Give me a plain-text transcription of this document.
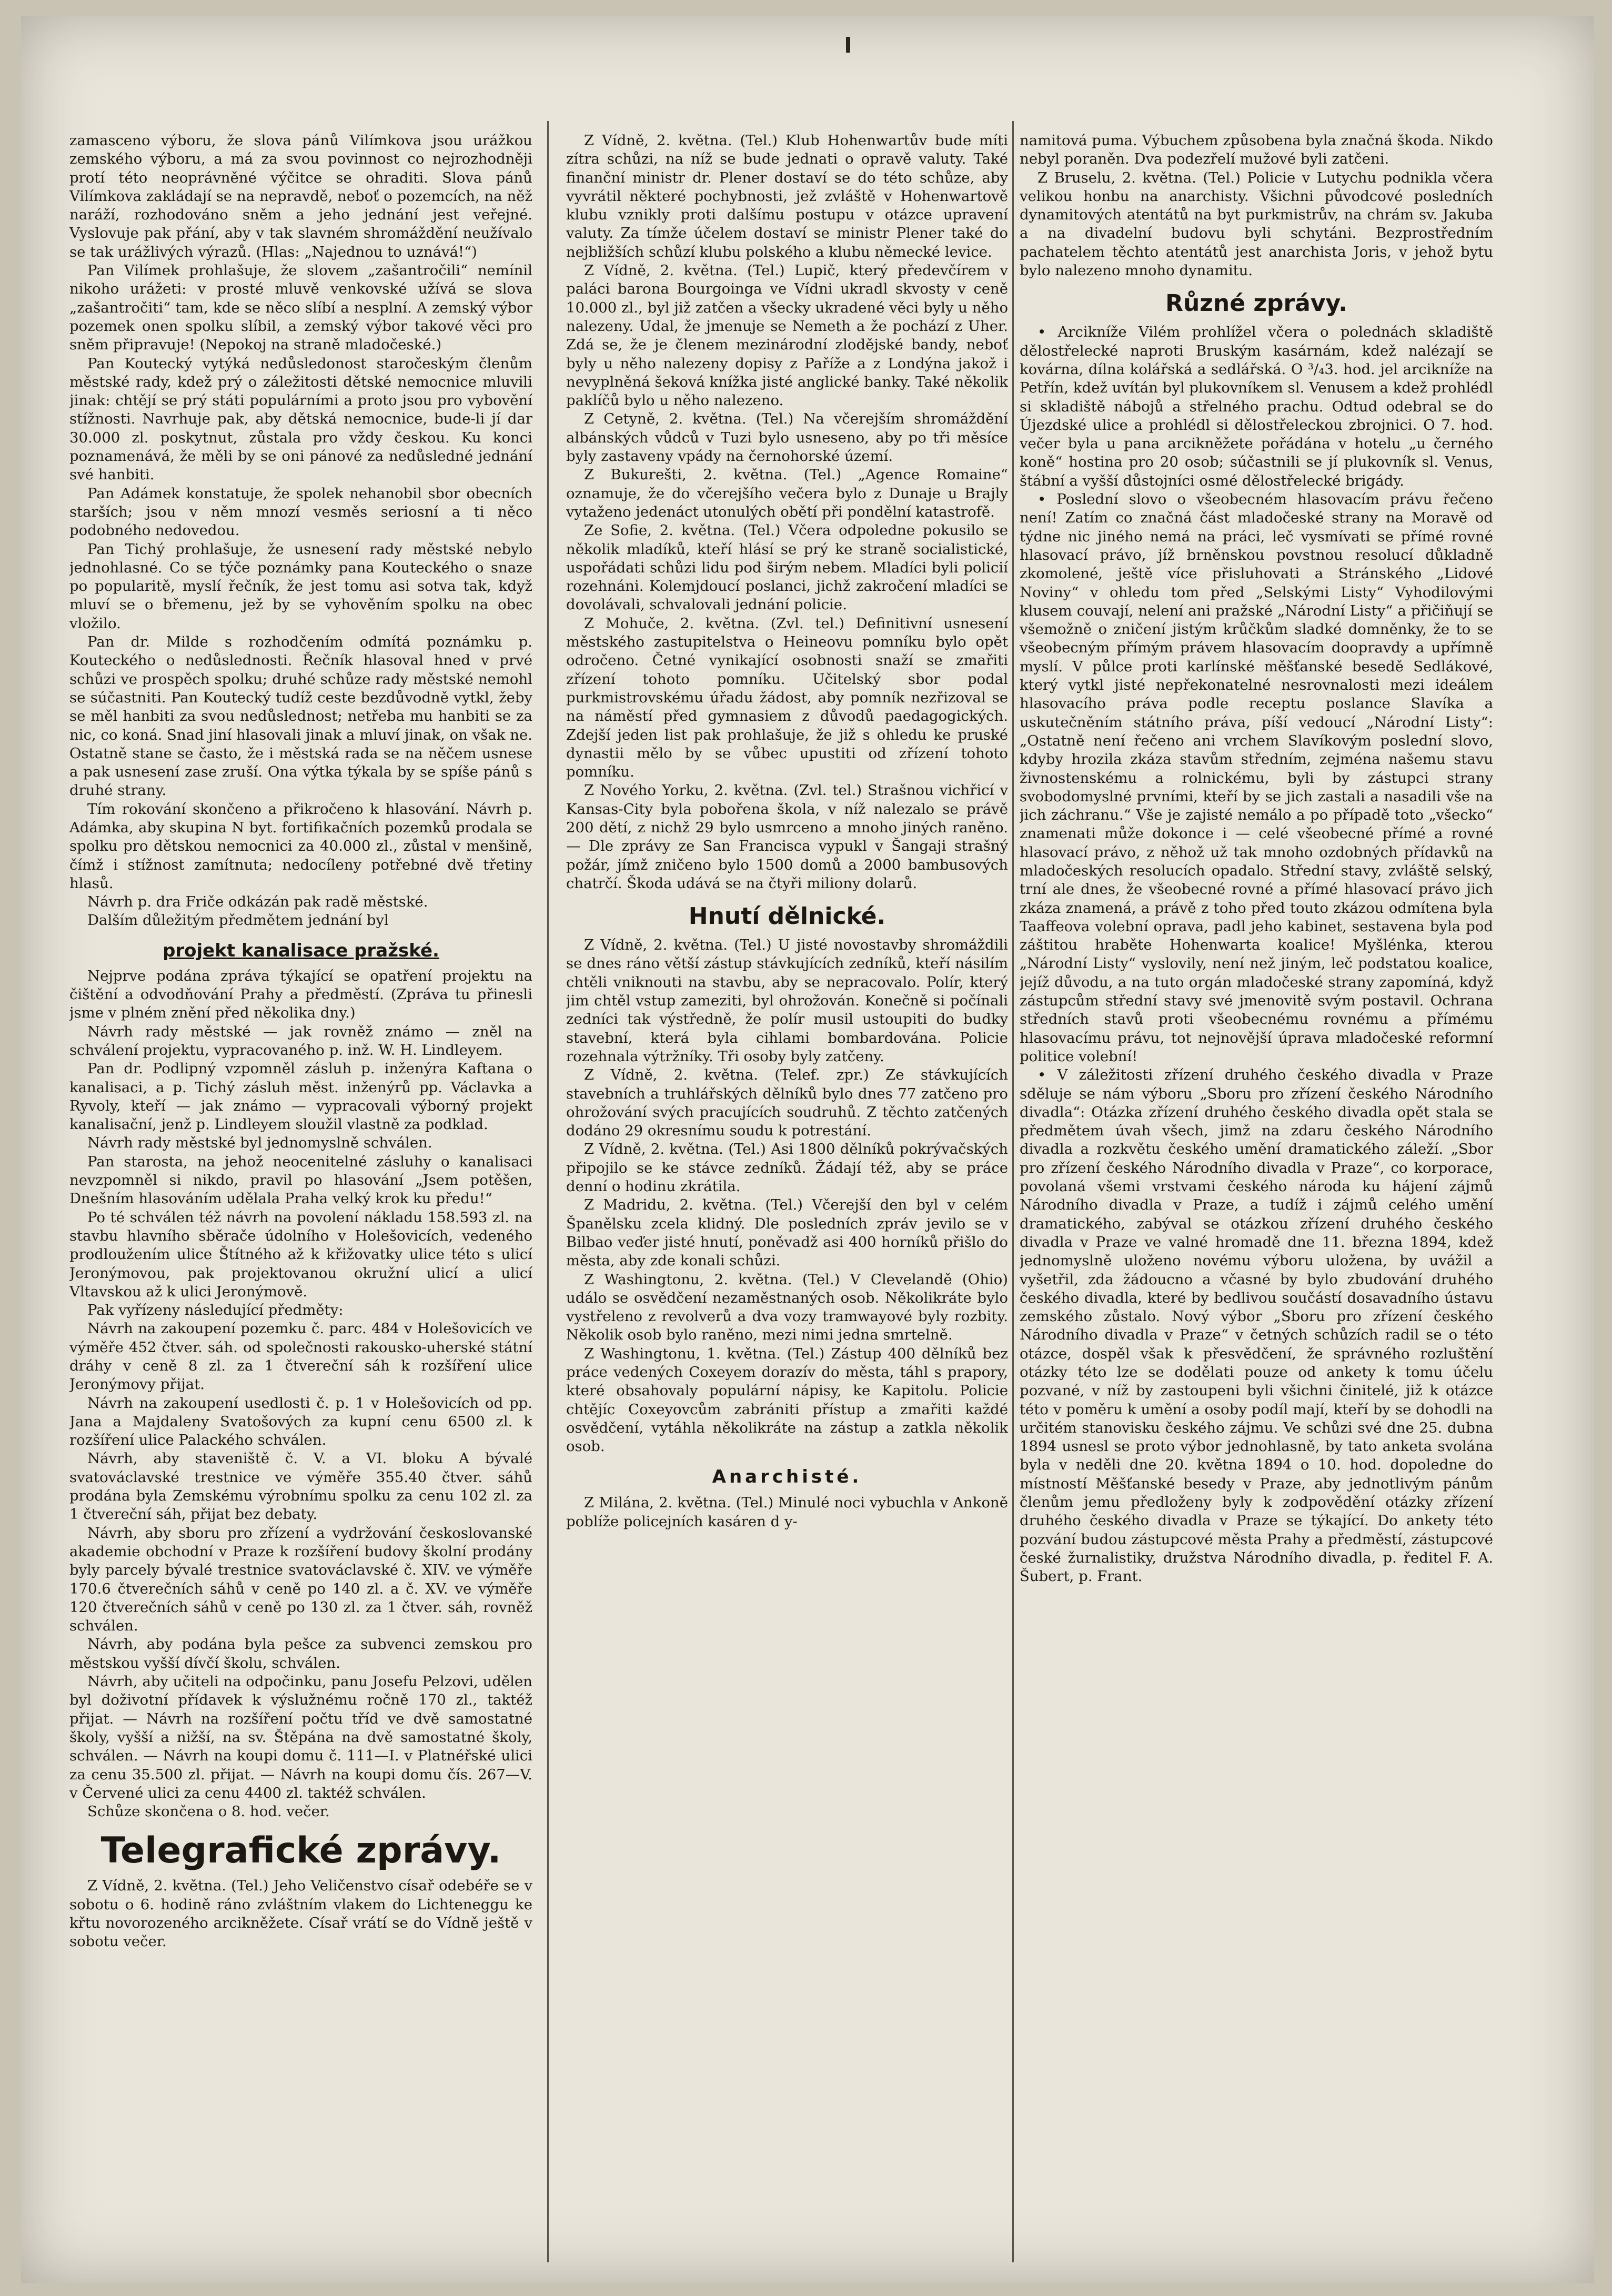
zamasceno výboru, že slova pánů Vilímkova jsou urážkou zemského výboru, a má za svou povinnost co nejrozhodněji protí této neoprávněné výčitce se ohraditi. Slova pánů Vilímkova zakládají se na nepravdě, neboť o pozemcích, na něž naráží, rozhodováno sněm a jeho jednání jest veřejné. Vyslovuje pak přání, aby v tak slavném shromáždění neužívalo se tak urážlivých výrazů. (Hlas: „Najednou to uznává!“)

Pan Vilímek prohlašuje, že slovem „zašantročili“ nemínil nikoho urážeti: v prosté mluvě venkovské užívá se slova „zašantročiti“ tam, kde se něco slíbí a nesplní. A zemský výbor pozemek onen spolku slíbil, a zemský výbor takové věci pro sněm připravuje! (Nepokoj na straně mladočeské.)

Pan Koutecký vytýká nedůsledonost staročeským členům městské rady, kdež prý o záležitosti dětské nemocnice mluvili jinak: chtějí se prý státi populárními a proto jsou pro vybovění stížnosti. Navrhuje pak, aby dětská nemocnice, bude-li jí dar 30.000 zl. poskytnut, zůstala pro vždy českou. Ku konci poznamenává, že měli by se oni pánové za nedůsledné jednání své hanbiti.

Pan Adámek konstatuje, že spolek nehanobil sbor obecních starších; jsou v něm mnozí vesměs seriosní a ti něco podobného nedovedou.

Pan Tichý prohlašuje, že usnesení rady městské nebylo jednohlasné. Co se týče poznámky pana Kouteckého o snaze po popularitě, myslí řečník, že jest tomu asi sotva tak, když mluví se o břemenu, jež by se vyhověním spolku na obec vložilo.

Pan dr. Milde s rozhodčením odmítá poznámku p. Kouteckého o nedůslednosti. Řečník hlasoval hned v prvé schůzi ve prospěch spolku; druhé schůze rady městské nemohl se súčastniti. Pan Koutecký tudíž ceste bezdůvodně vytkl, žeby se měl hanbiti za svou nedůslednost; netřeba mu hanbiti se za nic, co koná. Snad jiní hlasovali jinak a mluví jinak, on však ne. Ostatně stane se často, že i městská rada se na něčem usnese a pak usnesení zase zruší. Ona výtka týkala by se spíše pánů s druhé strany.

Tím rokování skončeno a přikročeno k hlasování. Návrh p. Adámka, aby skupina N byt. fortifikačních pozemků prodala se spolku pro dětskou nemocnici za 40.000 zl., zůstal v menšině, čímž i stížnost zamítnuta; nedocíleny potřebné dvě třetiny hlasů.

Návrh p. dra Friče odkázán pak radě městské.

Dalším důležitým předmětem jednání byl

projekt kanalisace pražské.

Nejprve podána zpráva týkající se opatření projektu na čištění a odvodňování Prahy a předměstí. (Zpráva tu přinesli jsme v plném znění před několika dny.)

Návrh rady městské — jak rovněž známo — zněl na schválení projektu, vypracovaného p. inž. W. H. Lindleyem.

Pan dr. Podlipný vzpomněl zásluh p. inženýra Kaftana o kanalisaci, a p. Tichý zásluh měst. inženýrů pp. Václavka a Ryvoly, kteří — jak známo — vypracovali výborný projekt kanalisační, jenž p. Lindleyem sloužil vlastně za podklad.

Návrh rady městské byl jednomyslně schválen.

Pan starosta, na jehož neocenitelné zásluhy o kanalisaci nevzpomněl si nikdo, pravil po hlasování „Jsem potěšen, Dnešním hlasováním udělala Praha velký krok ku předu!“

Po té schválen též návrh na povolení nákladu 158.593 zl. na stavbu hlavního sběrače údolního v Holešovicích, vedeného prodloužením ulice Štítného až k křižovatky ulice této s ulicí Jeronýmovou, pak projektovanou okružní ulicí a ulicí Vltavskou až k ulici Jeronýmově.

Pak vyřízeny následující předměty:

Návrh na zakoupení pozemku č. parc. 484 v Holešovicích ve výměře 452 čtver. sáh. od společnosti rakousko-uherské státní dráhy v ceně 8 zl. za 1 čtvereční sáh k rozšíření ulice Jeronýmovy přijat.

Návrh na zakoupení usedlosti č. p. 1 v Holešovicích od pp. Jana a Majdaleny Svatošových za kupní cenu 6500 zl. k rozšíření ulice Palackého schválen.

Návrh, aby staveniště č. V. a VI. bloku A bývalé svatováclavské trestnice ve výměře 355.40 čtver. sáhů prodána byla Zemskému výrobnímu spolku za cenu 102 zl. za 1 čtvereční sáh, přijat bez debaty.

Návrh, aby sboru pro zřízení a vydržování českoslovanské akademie obchodní v Praze k rozšíření budovy školní prodány byly parcely bývalé trestnice svatováclavské č. XIV. ve výměře 170.6 čtverečních sáhů v ceně po 140 zl. a č. XV. ve výměře 120 čtverečních sáhů v ceně po 130 zl. za 1 čtver. sáh, rovněž schválen.

Návrh, aby podána byla pešce za subvenci zemskou pro městskou vyšší dívčí školu, schválen.

Návrh, aby učiteli na odpočinku, panu Josefu Pelzovi, udělen byl doživotní přídavek k výslužnému ročně 170 zl., taktéž přijat. — Návrh na rozšíření počtu tříd ve dvě samostatné školy, vyšší a nižší, na sv. Štěpána na dvě samostatné školy, schválen. — Návrh na koupi domu č. 111—I. v Platnéřské ulici za cenu 35.500 zl. přijat. — Návrh na koupi domu čís. 267—V. v Červené ulici za cenu 4400 zl. taktéž schválen.

Schůze skončena o 8. hod. večer.

Telegrafické zprávy.

Z Vídně, 2. května. (Tel.) Jeho Veličenstvo císař odebéře se v sobotu o 6. hodině ráno zvláštním vlakem do Lichteneggu ke křtu novorozeného arcikněžete. Císař vrátí se do Vídně ještě v sobotu večer.

Z Vídně, 2. května. (Tel.) Klub Hohenwartův bude míti zítra schůzi, na níž se bude jednati o opravě valuty. Také finanční ministr dr. Plener dostaví se do této schůze, aby vyvrátil některé pochybnosti, jež zvláště v Hohenwartově klubu vznikly proti dalšímu postupu v otázce upravení valuty. Za tímže účelem dostaví se ministr Plener také do nejbližších schůzí klubu polského a klubu německé levice.

Z Vídně, 2. května. (Tel.) Lupič, který předevčírem v paláci barona Bourgoinga ve Vídni ukradl skvosty v ceně 10.000 zl., byl již zatčen a všecky ukradené věci byly u něho nalezeny. Udal, že jmenuje se Nemeth a že pochází z Uher. Zdá se, že je členem mezinárodní zlodějské bandy, neboť byly u něho nalezeny dopisy z Paříže a z Londýna jakož i nevyplněná šeková knížka jisté anglické banky. Také několik paklíčů bylo u něho nalezeno.

Z Cetyně, 2. května. (Tel.) Na včerejším shromáždění albánských vůdců v Tuzi bylo usneseno, aby po tři měsíce byly zastaveny vpády na černohorské území.

Z Bukurešti, 2. května. (Tel.) „Agence Romaine“ oznamuje, že do včerejšího večera bylo z Dunaje u Brajly vytaženo jedenáct utonulých obětí při pondělní katastrofě.

Ze Sofie, 2. května. (Tel.) Včera odpoledne pokusilo se několik mladíků, kteří hlásí se prý ke straně socialistické, uspořádati schůzi lidu pod širým nebem. Mladíci byli policií rozehnáni. Kolemjdoucí poslanci, jichž zakročení mladíci se dovolávali, schvalovali jednání policie.

Z Mohuče, 2. května. (Zvl. tel.) Definitivní usnesení městského zastupitelstva o Heineovu pomníku bylo opět odročeno. Četné vynikající osobnosti snaží se zmařiti zřízení tohoto pomníku. Učitelský sbor podal purkmistrovskému úřadu žádost, aby pomník nezřizoval se na náměstí před gymnasiem z důvodů paedagogických. Zdejší jeden list pak prohlašuje, že již s ohledu ke pruské dynastii mělo by se vůbec upustiti od zřízení tohoto pomníku.

Z Nového Yorku, 2. května. (Zvl. tel.) Strašnou vichřicí v Kansas-City byla pobořena škola, v níž nalezalo se právě 200 dětí, z nichž 29 bylo usmrceno a mnoho jiných raněno. — Dle zprávy ze San Francisca vypukl v Šangaji strašný požár, jímž zničeno bylo 1500 domů a 2000 bambusových chatrčí. Škoda udává se na čtyři miliony dolarů.

Hnutí dělnické.

Z Vídně, 2. května. (Tel.) U jisté novostavby shromáždili se dnes ráno větší zástup stávkujících zedníků, kteří násilím chtěli vniknouti na stavbu, aby se nepracovalo. Polír, který jim chtěl vstup zameziti, byl ohrožován. Konečně si počínali zedníci tak výstředně, že polír musil ustoupiti do budky stavební, která byla cihlami bombardována. Policie rozehnala výtržníky. Tři osoby byly zatčeny.

Z Vídně, 2. května. (Telef. zpr.) Ze stávkujících stavebních a truhlářských dělníků bylo dnes 77 zatčeno pro ohrožování svých pracujících soudruhů. Z těchto zatčených dodáno 29 okresnímu soudu k potrestání.

Z Vídně, 2. května. (Tel.) Asi 1800 dělníků pokrývačských připojilo se ke stávce zedníků. Žádají též, aby se práce denní o hodinu zkrátila.

Z Madridu, 2. května. (Tel.) Včerejší den byl v celém Španělsku zcela klidný. Dle posledních zpráv jevilo se v Bilbao veďer jisté hnutí, poněvadž asi 400 horníků přišlo do města, aby zde konali schůzi.

Z Washingtonu, 2. května. (Tel.) V Clevelandě (Ohio) událo se osvědčení nezaměstnaných osob. Několikráte bylo vystřeleno z revolverů a dva vozy tramwayové byly rozbity. Několik osob bylo raněno, mezi nimi jedna smrtelně.

Z Washingtonu, 1. května. (Tel.) Zástup 400 dělníků bez práce vedených Coxeyem dorazív do města, táhl s prapory, které obsahovaly populární nápisy, ke Kapitolu. Policie chtějíc Coxeyovcům zabrániti přístup a zmařiti každé osvědčení, vytáhla několikráte na zástup a zatkla několik osob.

Anarchisté.

Z Milána, 2. května. (Tel.) Minulé noci vybuchla v Ankoně poblíže policejních kasáren d y-

namitová puma. Výbuchem způsobena byla značná škoda. Nikdo nebyl poraněn. Dva podezřelí mužové byli zatčeni.

Z Bruselu, 2. května. (Tel.) Policie v Lutychu podnikla včera velikou honbu na anarchisty. Všichni původcové posledních dynamitových atentátů na byt purkmistrův, na chrám sv. Jakuba a na divadelní budovu byli schytáni. Bezprostředním pachatelem těchto atentátů jest anarchista Joris, v jehož bytu bylo nalezeno mnoho dynamitu.

Různé zprávy.

• Arcikníže Vilém prohlížel včera o polednách skladiště dělostřelecké naproti Bruským kasárnám, kdež nalézají se kovárna, dílna kolářská a sedlářská. O ³/₄3. hod. jel arcikníže na Petřín, kdež uvítán byl plukovníkem sl. Venusem a kdež prohlédl si skladiště nábojů a střelného prachu. Odtud odebral se do Újezdské ulice a prohlédl si dělostřeleckou zbrojnici. O 7. hod. večer byla u pana arcikněžete pořádána v hotelu „u černého koně“ hostina pro 20 osob; súčastnili se jí plukovník sl. Venus, štábní a vyšší důstojníci osmé dělostřelecké brigády.

• Poslední slovo o všeobecném hlasovacím právu řečeno není! Zatím co značná část mladočeské strany na Moravě od týdne nic jiného nemá na práci, leč vysmívati se přímé rovné hlasovací právo, jíž brněnskou povstnou resolucí důkladně zkomolené, ještě více přisluhovati a Stránského „Lidové Noviny“ v ohledu tom před „Selskými Listy“ Vyhodilovými klusem couvají, nelení ani pražské „Národní Listy“ a přičiňují se všemožně o zničení jistým krůčkům sladké domněnky, že to se všeobecným přímým právem hlasovacím doopravdy a upřímně myslí. V půlce proti karlínské měšťanské besedě Sedlákové, který vytkl jisté nepřekonatelné nesrovnalosti mezi ideálem hlasovacího práva podle receptu poslance Slavíka a uskutečněním státního práva, píší vedoucí „Národní Listy“: „Ostatně není řečeno ani vrchem Slavíkovým poslední slovo, kdyby hrozila zkáza stavům středním, zejména našemu stavu živnostenskému a rolnickému, byli by zástupci strany svobodomyslné prvními, kteří by se jich zastali a nasadili vše na jich záchranu.“ Vše je zajisté nemálo a po případě toto „všecko“ znamenati může dokonce i — celé všeobecné přímé a rovné hlasovací právo, z něhož už tak mnoho ozdobných přídavků na mladočeských resolucích opadalo. Střední stavy, zvláště selský, trní ale dnes, že všeobecné rovné a přímé hlasovací právo jich zkáza znamená, a právě z toho před touto zkázou odmítena byla Taaffeova volební oprava, padl jeho kabinet, sestavena byla pod záštitou hraběte Hohenwarta koalice! Myšlénka, kterou „Národní Listy“ vyslovily, není než jiným, leč podstatou koalice, jejíž důvodu, a na tuto orgán mladočeské strany zapomíná, když zástupcům střední stavy své jmenovitě svým postavil. Ochrana středních stavů proti všeobecnému rovnému a přímému hlasovacímu právu, tot nejnovější úprava mladočeské reformní politice volební!

• V záležitosti zřízení druhého českého divadla v Praze sděluje se nám výboru „Sboru pro zřízení českého Národního divadla“: Otázka zřízení druhého českého divadla opět stala se předmětem úvah všech, jimž na zdaru českého Národního divadla a rozkvětu českého umění dramatického záleží. „Sbor pro zřízení českého Národního divadla v Praze“, co korporace, povolaná všemi vrstvami českého národa ku hájení zájmů Národního divadla v Praze, a tudíž i zájmů celého umění dramatického, zabýval se otázkou zřízení druhého českého divadla v Praze ve valné hromadě dne 11. března 1894, kdež jednomyslně uloženo novému výboru uložena, by uvážil a vyšetřil, zda žádoucno a včasné by bylo zbudování druhého českého divadla, které by bedlivou součástí dosavadního ústavu zemského zůstalo. Nový výbor „Sboru pro zřízení českého Národního divadla v Praze“ v četných schůzích radil se o této otázce, dospěl však k přesvědčení, že správného rozluštění otázky této lze se dodělati pouze od ankety k tomu účelu pozvané, v níž by zastoupeni byli všichni činitelé, již k otázce této v poměru k umění a osoby podíl mají, kteří by se dohodli na určitém stanovisku českého zájmu. Ve schůzi své dne 25. dubna 1894 usnesl se proto výbor jednohlasně, by tato anketa svolána byla v neděli dne 20. května 1894 o 10. hod. dopoledne do místností Měšťanské besedy v Praze, aby jednotlivým pánům členům jemu předloženy byly k zodpovědění otázky zřízení druhého českého divadla v Praze se týkající. Do ankety této pozvání budou zástupcové města Prahy a předměstí, zástupcové české žurnalistiky, družstva Národního divadla, p. ředitel F. A. Šubert, p. Frant.
